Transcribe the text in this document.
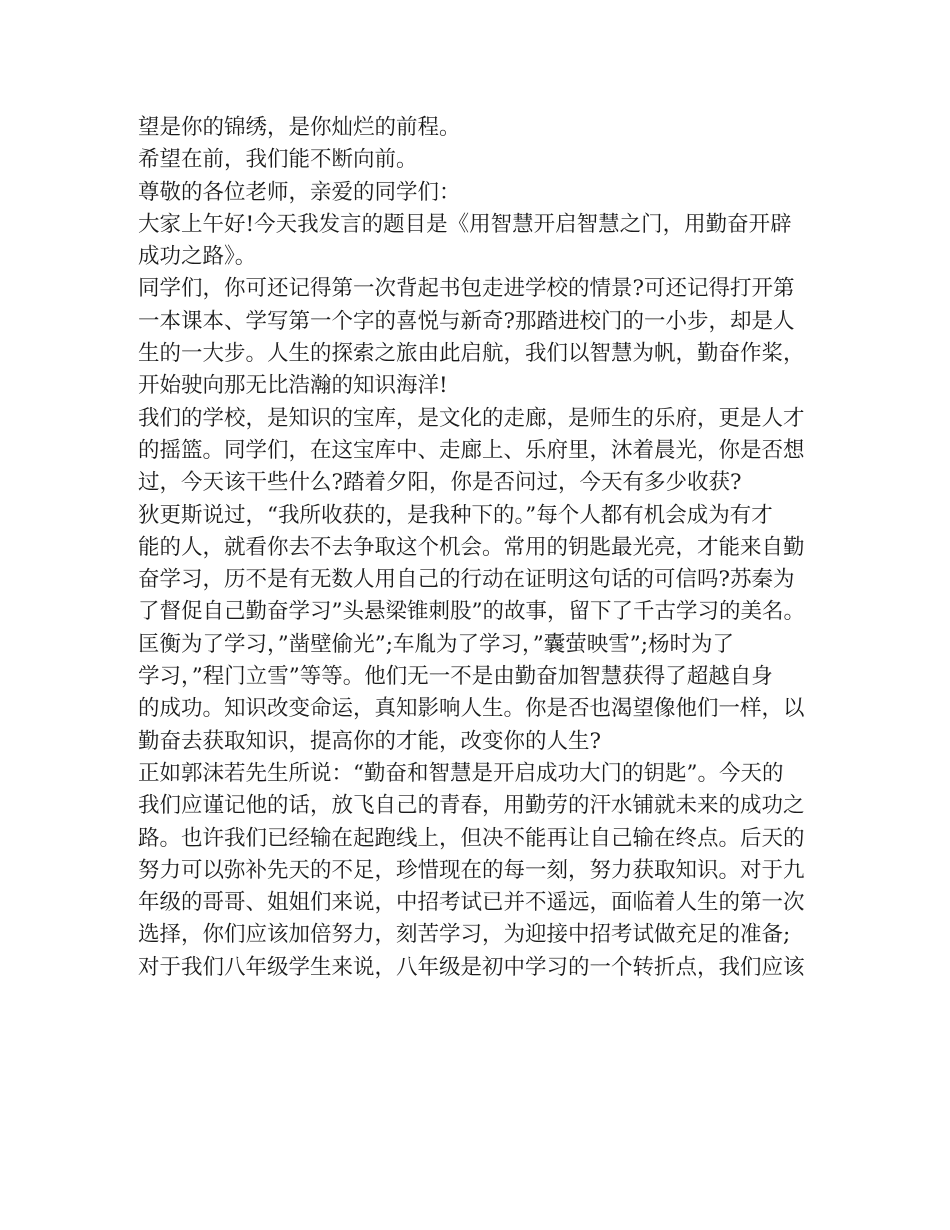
望是你的锦绣，是你灿烂的前程。
希望在前，我们能不断向前。
尊敬的各位老师，亲爱的同学们：
大家上午好!今天我发言的题目是《用智慧开启智慧之门，用勤奋开辟
成功之路》。
同学们，你可还记得第一次背起书包走进学校的情景?可还记得打开第
一本课本、学写第一个字的喜悦与新奇?那踏进校门的一小步，却是人
生的一大步。人生的探索之旅由此启航，我们以智慧为帆，勤奋作桨，
开始驶向那无比浩瀚的知识海洋!
我们的学校，是知识的宝库，是文化的走廊，是师生的乐府，更是人才
的摇篮。同学们，在这宝库中、走廊上、乐府里，沐着晨光，你是否想
过，今天该干些什么?踏着夕阳，你是否问过，今天有多少收获?
狄更斯说过，“我所收获的，是我种下的。”每个人都有机会成为有才
能的人，就看你去不去争取这个机会。常用的钥匙最光亮，才能来自勤
奋学习，历不是有无数人用自己的行动在证明这句话的可信吗?苏秦为
了督促自己勤奋学习”头悬梁锥刺股”的故事，留下了千古学习的美名。
匡衡为了学习，”凿壁偷光”;车胤为了学习，”囊萤映雪”;杨时为了
学习，”程门立雪”等等。他们无一不是由勤奋加智慧获得了超越自身
的成功。知识改变命运，真知影响人生。你是否也渴望像他们一样，以
勤奋去获取知识，提高你的才能，改变你的人生?
正如郭沫若先生所说：“勤奋和智慧是开启成功大门的钥匙”。今天的
我们应谨记他的话，放飞自己的青春，用勤劳的汗水铺就未来的成功之
路。也许我们已经输在起跑线上，但决不能再让自己输在终点。后天的
努力可以弥补先天的不足，珍惜现在的每一刻，努力获取知识。对于九
年级的哥哥、姐姐们来说，中招考试已并不遥远，面临着人生的第一次
选择，你们应该加倍努力，刻苦学习，为迎接中招考试做充足的准备;
对于我们八年级学生来说，八年级是初中学习的一个转折点，我们应该
